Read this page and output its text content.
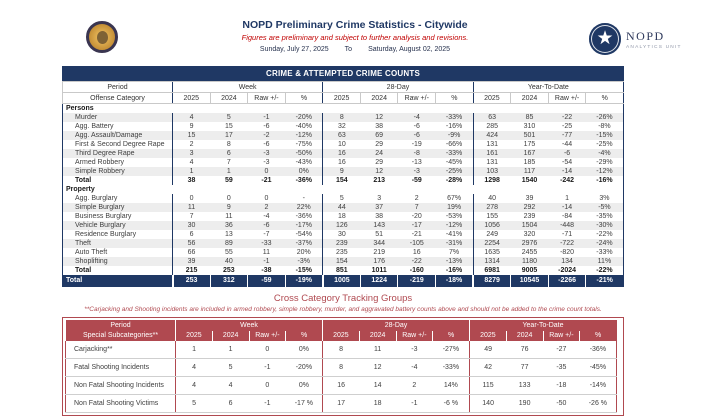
NOPD Preliminary Crime Statistics - Citywide
Figures are preliminary and subject to further analysis and revisions.
Sunday, July 27, 2025 To Saturday, August 02, 2025
★ NOPD
ANALYTICS UNIT
CRIME & ATTEMPTED CRIME COUNTS
Period	Week				28-Day				Year-To-Date			
Offense Category	2025	2024	Raw +/-	%	2025	2024	Raw +/-	%	2025	2024	Raw +/-	%
Persons												
Murder	4	5	-1	-20%	8	12	-4	-33%	63	85	-22	-26%
Agg. Battery	9	15	-6	-40%	32	38	-6	-16%	285	310	-25	-8%
Agg. Assault/Damage	15	17	-2	-12%	63	69	-6	-9%	424	501	-77	-15%
First & Second Degree Rape	2	8	-6	-75%	10	29	-19	-66%	131	175	-44	-25%
Third Degree Rape	3	6	-3	-50%	16	24	-8	-33%	161	167	-6	-4%
Armed Robbery	4	7	-3	-43%	16	29	-13	-45%	131	185	-54	-29%
Simple Robbery	1	1	0	0%	9	12	-3	-25%	103	117	-14	-12%
Total	38	59	-21	-36%	154	213	-59	-28%	1298	1540	-242	-16%
Property												
Agg. Burglary	0	0	0	-	5	3	2	67%	40	39	1	3%
Simple Burglary	11	9	2	22%	44	37	7	19%	278	292	-14	-5%
Business Burglary	7	11	-4	-36%	18	38	-20	-53%	155	239	-84	-35%
Vehicle Burglary	30	36	-6	-17%	126	143	-17	-12%	1056	1504	-448	-30%
Residence Burglary	6	13	-7	-54%	30	51	-21	-41%	249	320	-71	-22%
Theft	56	89	-33	-37%	239	344	-105	-31%	2254	2976	-722	-24%
Auto Theft	66	55	11	20%	235	219	16	7%	1635	2455	-820	-33%
Shoplifting	39	40	-1	-3%	154	176	-22	-13%	1314	1180	134	11%
Total	215	253	-38	-15%	851	1011	-160	-16%	6981	9005	-2024	-22%
Total	253	312	-59	-19%	1005	1224	-219	-18%	8279	10545	-2266	-21%
Cross Category Tracking Groups
**Carjacking and Shooting incidents are included in armed robbery, simple robbery, murder, and aggravated battery counts above and should not be added to the crime count totals.
Period	Week				28-Day				Year-To-Date			
Special Subcategories**	2025	2024	Raw +/-	%	2025	2024	Raw +/-	%	2025	2024	Raw +/-	%
Carjacking**	1	1	0	0%	8	11	-3	-27%	49	76	-27	-36%
Fatal Shooting Incidents	4	5	-1	-20%	8	12	-4	-33%	42	77	-35	-45%
Non Fatal Shooting Incidents	4	4	0	0%	16	14	2	14%	115	133	-18	-14%
Non Fatal Shooting Victims	5	6	-1	-17 %	17	18	-1	-6 %	140	190	-50	-26 %
